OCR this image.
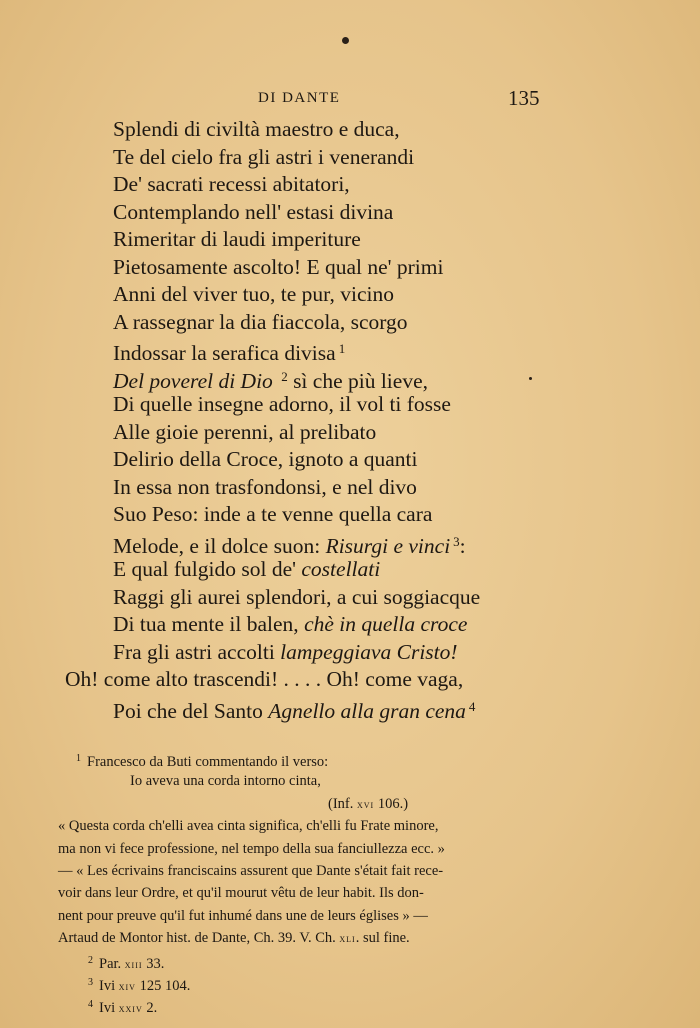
DI DANTE	135
Splendi di civiltà maestro e duca,
Te del cielo fra gli astri i venerandi
De' sacrati recessi abitatori,
Contemplando nell' estasi divina
Rimeritar di laudi imperiture
Pietosamente ascolto! E qual ne' primi
Anni del viver tuo, te pur, vicino
A rassegnar la dia fiaccola, scorgo
Indossar la serafica divisa $^1$
Del poverel di Dio $^2$ sì che più lieve,
Di quelle insegne adorno, il vol ti fosse
Alle gioie perenni, al prelibato
Delirio della Croce, ignoto a quanti
In essa non trasfondonsi, e nel divo
Suo Peso: inde a te venne quella cara
Melode, e il dolce suon: Risurgi e vinci $^3$:
E qual fulgido sol de' costellati
Raggi gli aurei splendori, a cui soggiacque
Di tua mente il balen, chè in quella croce
Fra gli astri accolti lampeggiava Cristo!
Oh! come alto trascendi! . . . . Oh! come vaga,
Poi che del Santo Agnello alla gran cena $^4$
$^1$ Francesco da Buti commentando il verso:
Io aveva una corda intorno cinta,
(Inf. xvi 106.)
« Questa corda ch'elli avea cinta significa, ch'elli fu Frate minore,
ma non vi fece professione, nel tempo della sua fanciullezza ecc. »
— « Les écrivains franciscains assurent que Dante s'était fait rece-
voir dans leur Ordre, et qu'il mourut vêtu de leur habit. Ils don-
nent pour preuve qu'il fut inhumé dans une de leurs églises » —
Artaud de Montor hist. de Dante, Ch. 39. V. Ch. xli. sul fine.
$^2$ Par. xiii 33.
$^3$ Ivi xiv 125 104.
$^4$ Ivi xxiv 2.
